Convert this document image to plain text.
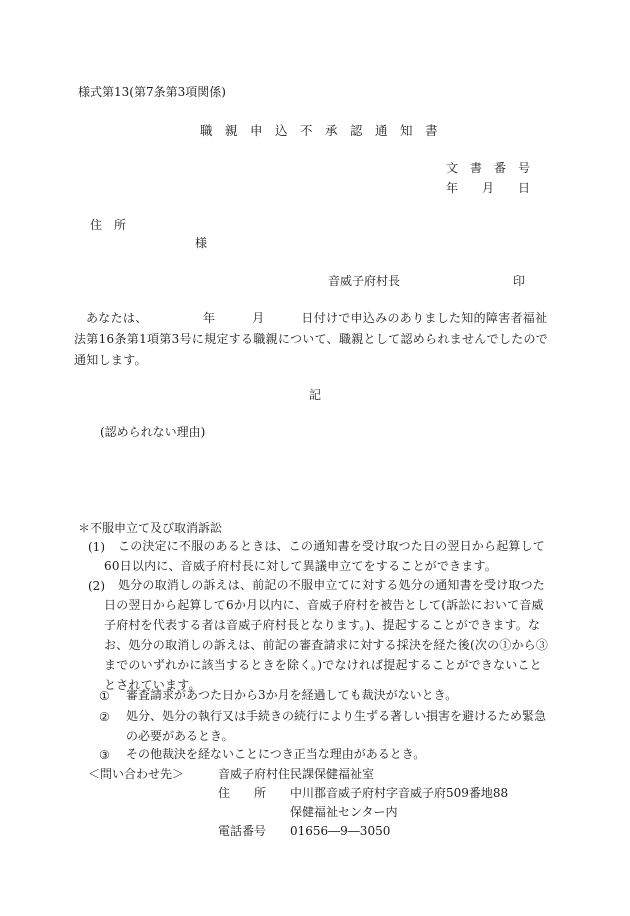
様式第13(第7条第3項関係)
職　親　申　込　不　承　認　通　知　書
文　書　番　号
年　　月　　日
住　所
様
音威子府村長	印
あなたは、　　　　　年　　　月　　　日付けで申込みのありました知的障害者福祉法第16条第1項第3号に規定する職親について、職親として認められませんでしたので通知します。
記
(認められない理由)
＊不服申立て及び取消訴訟
(1)	この決定に不服のあるときは、この通知書を受け取つた日の翌日から起算して60日以内に、音威子府村長に対して異議申立てをすることができます。
(2)	処分の取消しの訴えは、前記の不服申立てに対する処分の通知書を受け取つた日の翌日から起算して6か月以内に、音威子府村を被告として(訴訟において音威子府村を代表する者は音威子府村長となります。)、提起することができます。なお、処分の取消しの訴えは、前記の審査請求に対する採決を経た後(次の①から③までのいずれかに該当するときを除く。)でなければ提起することができないこととされています。
① 審査請求があつた日から3か月を経過しても裁決がないとき。
② 処分、処分の執行又は手続きの続行により生ずる著しい損害を避けるため緊急の必要があるとき。
③ その他裁決を経ないことにつき正当な理由があるとき。
＜問い合わせ先＞	音威子府村住民課保健福祉室
住　　所 中川郡音威子府村字音威子府509番地88
保健福祉センター内
電話番号 01656―9―3050
